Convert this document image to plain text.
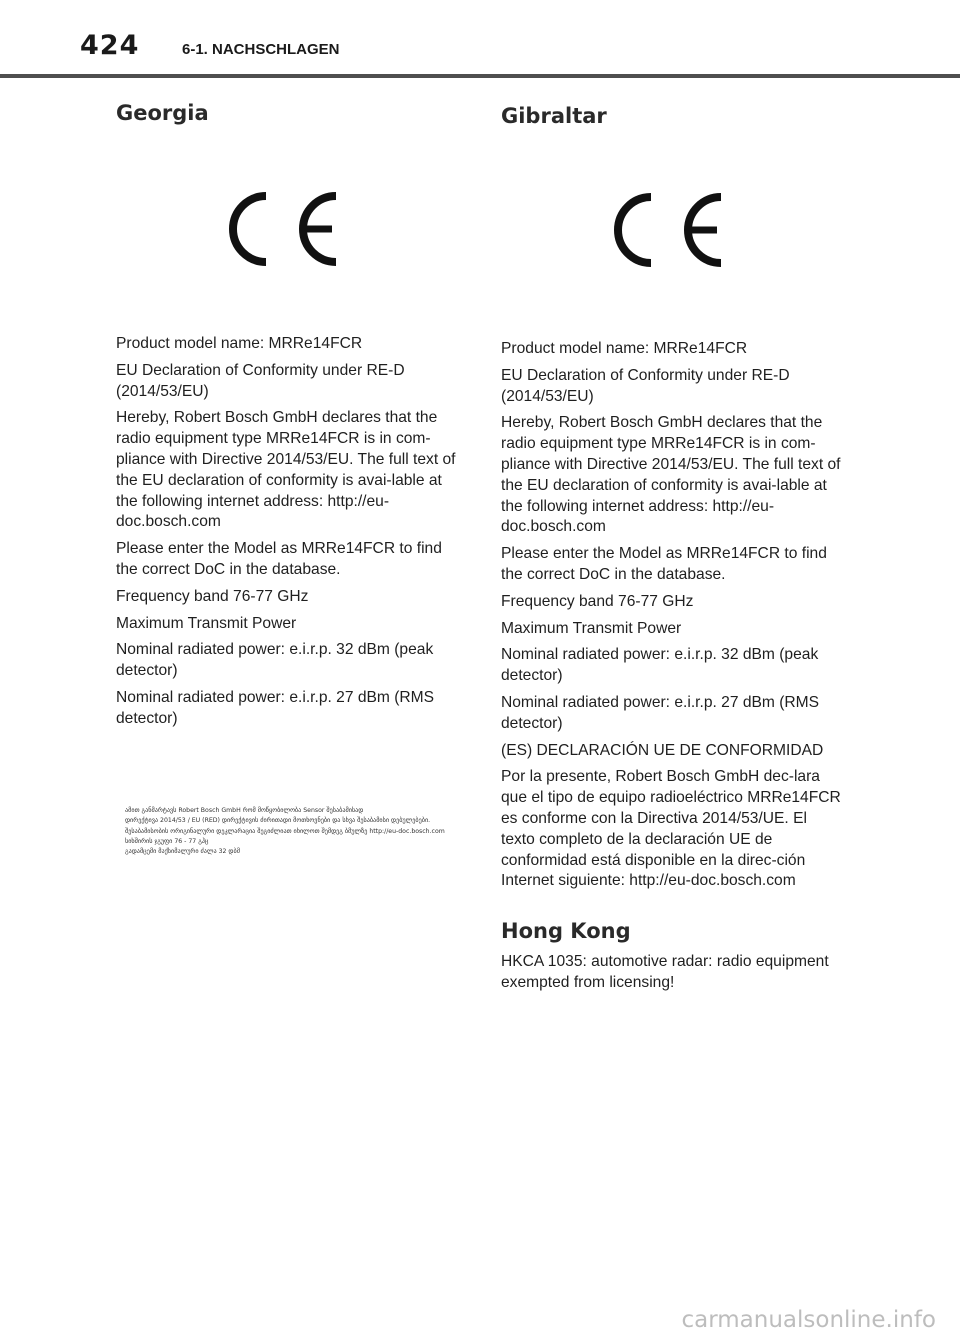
424	6-1. NACHSCHLAGEN
Georgia

Product model name: MRRe14FCR

EU Declaration of Conformity under RE-D (2014/53/EU)

Hereby, Robert Bosch GmbH declares that the radio equipment type MRRe14FCR is in com-pliance with Directive 2014/53/EU. The full text of the EU declaration of conformity is avai-lable at the following internet address: http://eu-doc.bosch.com

Please enter the Model as MRRe14FCR to find the correct DoC in the database.

Frequency band 76-77 GHz

Maximum Transmit Power

Nominal radiated power: e.i.r.p. 32 dBm (peak detector)

Nominal radiated power: e.i.r.p. 27 dBm (RMS detector)

ამით განმარტავს Robert Bosch GmbH რომ მოწყობილობა Sensor შესაბამისად
დირექტივა 2014/53 / EU (RED) დირექტივის ძირითადი მოთხოვნები და სხვა შესაბამისი დებულებები.
შესაბამისობის ორიგინალური დეკლარაცია შეგიძლიათ იხილოთ შემდეგ ბმულზე http://eu-doc.bosch.com
სიხშირის ჯგუფი 76 - 77 გჰც
გადამცემი მაქსიმალური ძალა 32 დბმ
Gibraltar

Product model name: MRRe14FCR

EU Declaration of Conformity under RE-D (2014/53/EU)

Hereby, Robert Bosch GmbH declares that the radio equipment type MRRe14FCR is in com-pliance with Directive 2014/53/EU. The full text of the EU declaration of conformity is avai-lable at the following internet address: http://eu-doc.bosch.com

Please enter the Model as MRRe14FCR to find the correct DoC in the database.

Frequency band 76-77 GHz

Maximum Transmit Power

Nominal radiated power: e.i.r.p. 32 dBm (peak detector)

Nominal radiated power: e.i.r.p. 27 dBm (RMS detector)

(ES) DECLARACIÓN UE DE CONFORMIDAD

Por la presente, Robert Bosch GmbH dec-lara que el tipo de equipo radioeléctrico MRRe14FCR es conforme con la Directiva 2014/53/UE. El texto completo de la declaración UE de conformidad está disponible en la direc-ción Internet siguiente: http://eu-doc.bosch.com

Hong Kong

HKCA 1035: automotive radar: radio equipment exempted from licensing!

carmanualsonline.info
